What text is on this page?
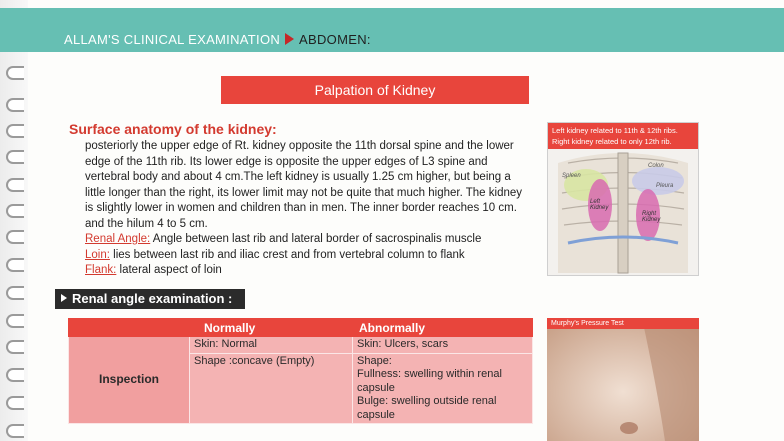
ALLAM'S CLINICAL EXAMINATION ABDOMEN:
Palpation of Kidney
Surface anatomy of the kidney:
posteriorly the upper edge of Rt. kidney opposite the 11th dorsal spine and the lower edge of the 11th rib. Its lower edge is opposite the upper edges of L3 spine and vertebral body and about 4 cm.The left kidney is usually 1.25 cm higher, but being a little longer than the right, its lower limit may not be quite that much higher. The kidney is slightly lower in women and children than in men. The inner border reaches 10 cm. and the hilum 4 to 5 cm.
Renal Angle: Angle between last rib and lateral border of sacrospinalis muscle
Loin: lies between last rib and iliac crest and from vertebral column to flank
Flank: lateral aspect of loin
Renal angle examination :
	Normally	Abnormally
Inspection	Skin: Normal	Skin: Ulcers, scars
	Shape :concave (Empty)	Shape:
Fullness: swelling within renal capsule
Bulge: swelling outside renal capsule
Spleen
Colon
Left Kidney
Right Kidney
Pleura
Left kidney related to 11th & 12th ribs. Right kidney related to only 12th rib.
Murphy's Pressure Test
